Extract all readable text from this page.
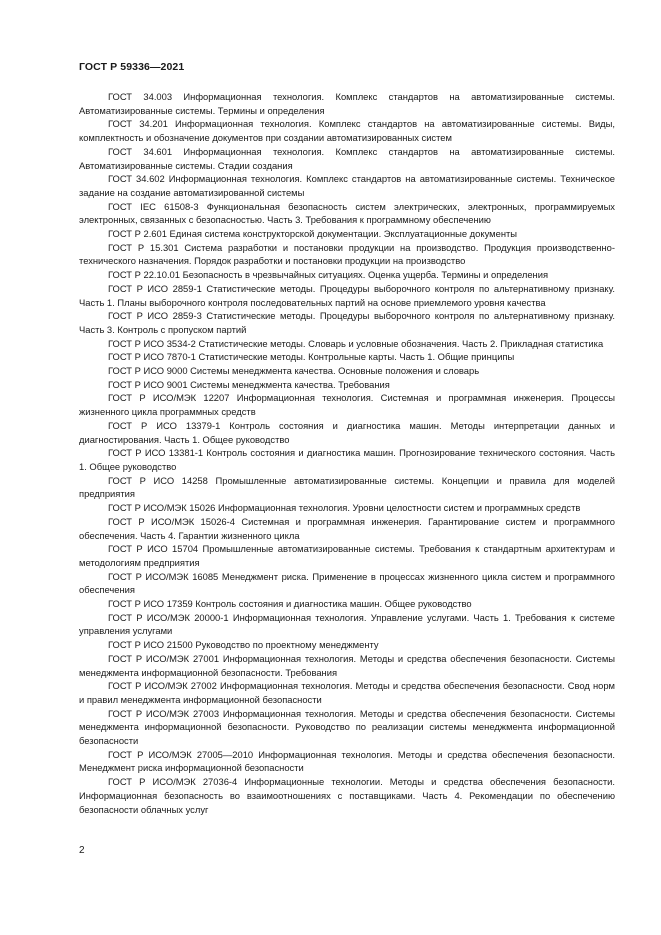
ГОСТ Р 59336—2021

ГОСТ 34.003 Информационная технология. Комплекс стандартов на автоматизированные системы. Автоматизированные системы. Термины и определения

ГОСТ 34.201 Информационная технология. Комплекс стандартов на автоматизированные системы. Виды, комплектность и обозначение документов при создании автоматизированных систем

ГОСТ 34.601 Информационная технология. Комплекс стандартов на автоматизированные системы. Автоматизированные системы. Стадии создания

ГОСТ 34.602 Информационная технология. Комплекс стандартов на автоматизированные системы. Техническое задание на создание автоматизированной системы

ГОСТ IEC 61508-3 Функциональная безопасность систем электрических, электронных, программируемых электронных, связанных с безопасностью. Часть 3. Требования к программному обеспечению

ГОСТ Р 2.601 Единая система конструкторской документации. Эксплуатационные документы

ГОСТ Р 15.301 Система разработки и постановки продукции на производство. Продукция производственно-технического назначения. Порядок разработки и постановки продукции на производство

ГОСТ Р 22.10.01 Безопасность в чрезвычайных ситуациях. Оценка ущерба. Термины и определения

ГОСТ Р ИСО 2859-1 Статистические методы. Процедуры выборочного контроля по альтернативному признаку. Часть 1. Планы выборочного контроля последовательных партий на основе приемлемого уровня качества

ГОСТ Р ИСО 2859-3 Статистические методы. Процедуры выборочного контроля по альтернативному признаку. Часть 3. Контроль с пропуском партий

ГОСТ Р ИСО 3534-2 Статистические методы. Словарь и условные обозначения. Часть 2. Прикладная статистика

ГОСТ Р ИСО 7870-1 Статистические методы. Контрольные карты. Часть 1. Общие принципы

ГОСТ Р ИСО 9000 Системы менеджмента качества. Основные положения и словарь

ГОСТ Р ИСО 9001 Системы менеджмента качества. Требования

ГОСТ Р ИСО/МЭК 12207 Информационная технология. Системная и программная инженерия. Процессы жизненного цикла программных средств

ГОСТ Р ИСО 13379-1 Контроль состояния и диагностика машин. Методы интерпретации данных и диагностирования. Часть 1. Общее руководство

ГОСТ Р ИСО 13381-1 Контроль состояния и диагностика машин. Прогнозирование технического состояния. Часть 1. Общее руководство

ГОСТ Р ИСО 14258 Промышленные автоматизированные системы. Концепции и правила для моделей предприятия

ГОСТ Р ИСО/МЭК 15026 Информационная технология. Уровни целостности систем и программных средств

ГОСТ Р ИСО/МЭК 15026-4 Системная и программная инженерия. Гарантирование систем и программного обеспечения. Часть 4. Гарантии жизненного цикла

ГОСТ Р ИСО 15704 Промышленные автоматизированные системы. Требования к стандартным архитектурам и методологиям предприятия

ГОСТ Р ИСО/МЭК 16085 Менеджмент риска. Применение в процессах жизненного цикла систем и программного обеспечения

ГОСТ Р ИСО 17359 Контроль состояния и диагностика машин. Общее руководство

ГОСТ Р ИСО/МЭК 20000-1 Информационная технология. Управление услугами. Часть 1. Требования к системе управления услугами

ГОСТ Р ИСО 21500 Руководство по проектному менеджменту

ГОСТ Р ИСО/МЭК 27001 Информационная технология. Методы и средства обеспечения безопасности. Системы менеджмента информационной безопасности. Требования

ГОСТ Р ИСО/МЭК 27002 Информационная технология. Методы и средства обеспечения безопасности. Свод норм и правил менеджмента информационной безопасности

ГОСТ Р ИСО/МЭК 27003 Информационная технология. Методы и средства обеспечения безопасности. Системы менеджмента информационной безопасности. Руководство по реализации системы менеджмента информационной безопасности

ГОСТ Р ИСО/МЭК 27005—2010 Информационная технология. Методы и средства обеспечения безопасности. Менеджмент риска информационной безопасности

ГОСТ Р ИСО/МЭК 27036-4 Информационные технологии. Методы и средства обеспечения безопасности. Информационная безопасность во взаимоотношениях с поставщиками. Часть 4. Рекомендации по обеспечению безопасности облачных услуг

2
